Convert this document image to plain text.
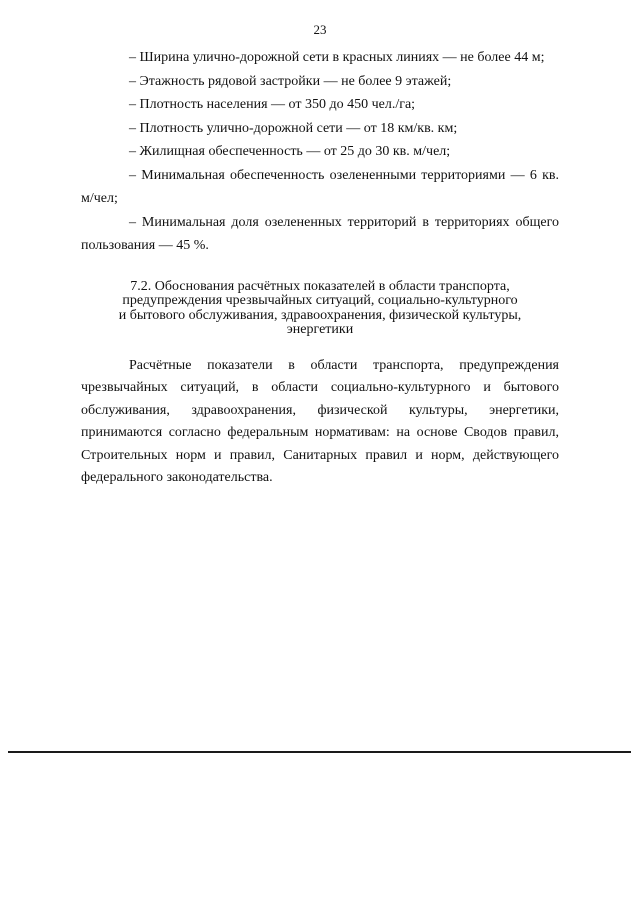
23

– Ширина улично-дорожной сети в красных линиях — не более 44 м;

– Этажность рядовой застройки — не более 9 этажей;

– Плотность населения — от 350 до 450 чел./га;

– Плотность улично-дорожной сети — от 18 км/кв. км;

– Жилищная обеспеченность — от 25 до 30 кв. м/чел;

– Минимальная обеспеченность озелененными территориями — 6 кв. м/чел;

– Минимальная доля озелененных территорий в территориях общего пользования — 45 %.

7.2. Обоснования расчётных показателей в области транспорта,
предупреждения чрезвычайных ситуаций, социально-культурного
и бытового обслуживания, здравоохранения, физической культуры,
энергетики

Расчётные показатели в области транспорта, предупреждения чрезвычайных ситуаций, в области социально-культурного и бытового обслуживания, здравоохранения, физической культуры, энергетики, принимаются согласно федеральным нормативам: на основе Сводов правил, Строительных норм и правил, Санитарных правил и норм, действующего федерального законодательства.
